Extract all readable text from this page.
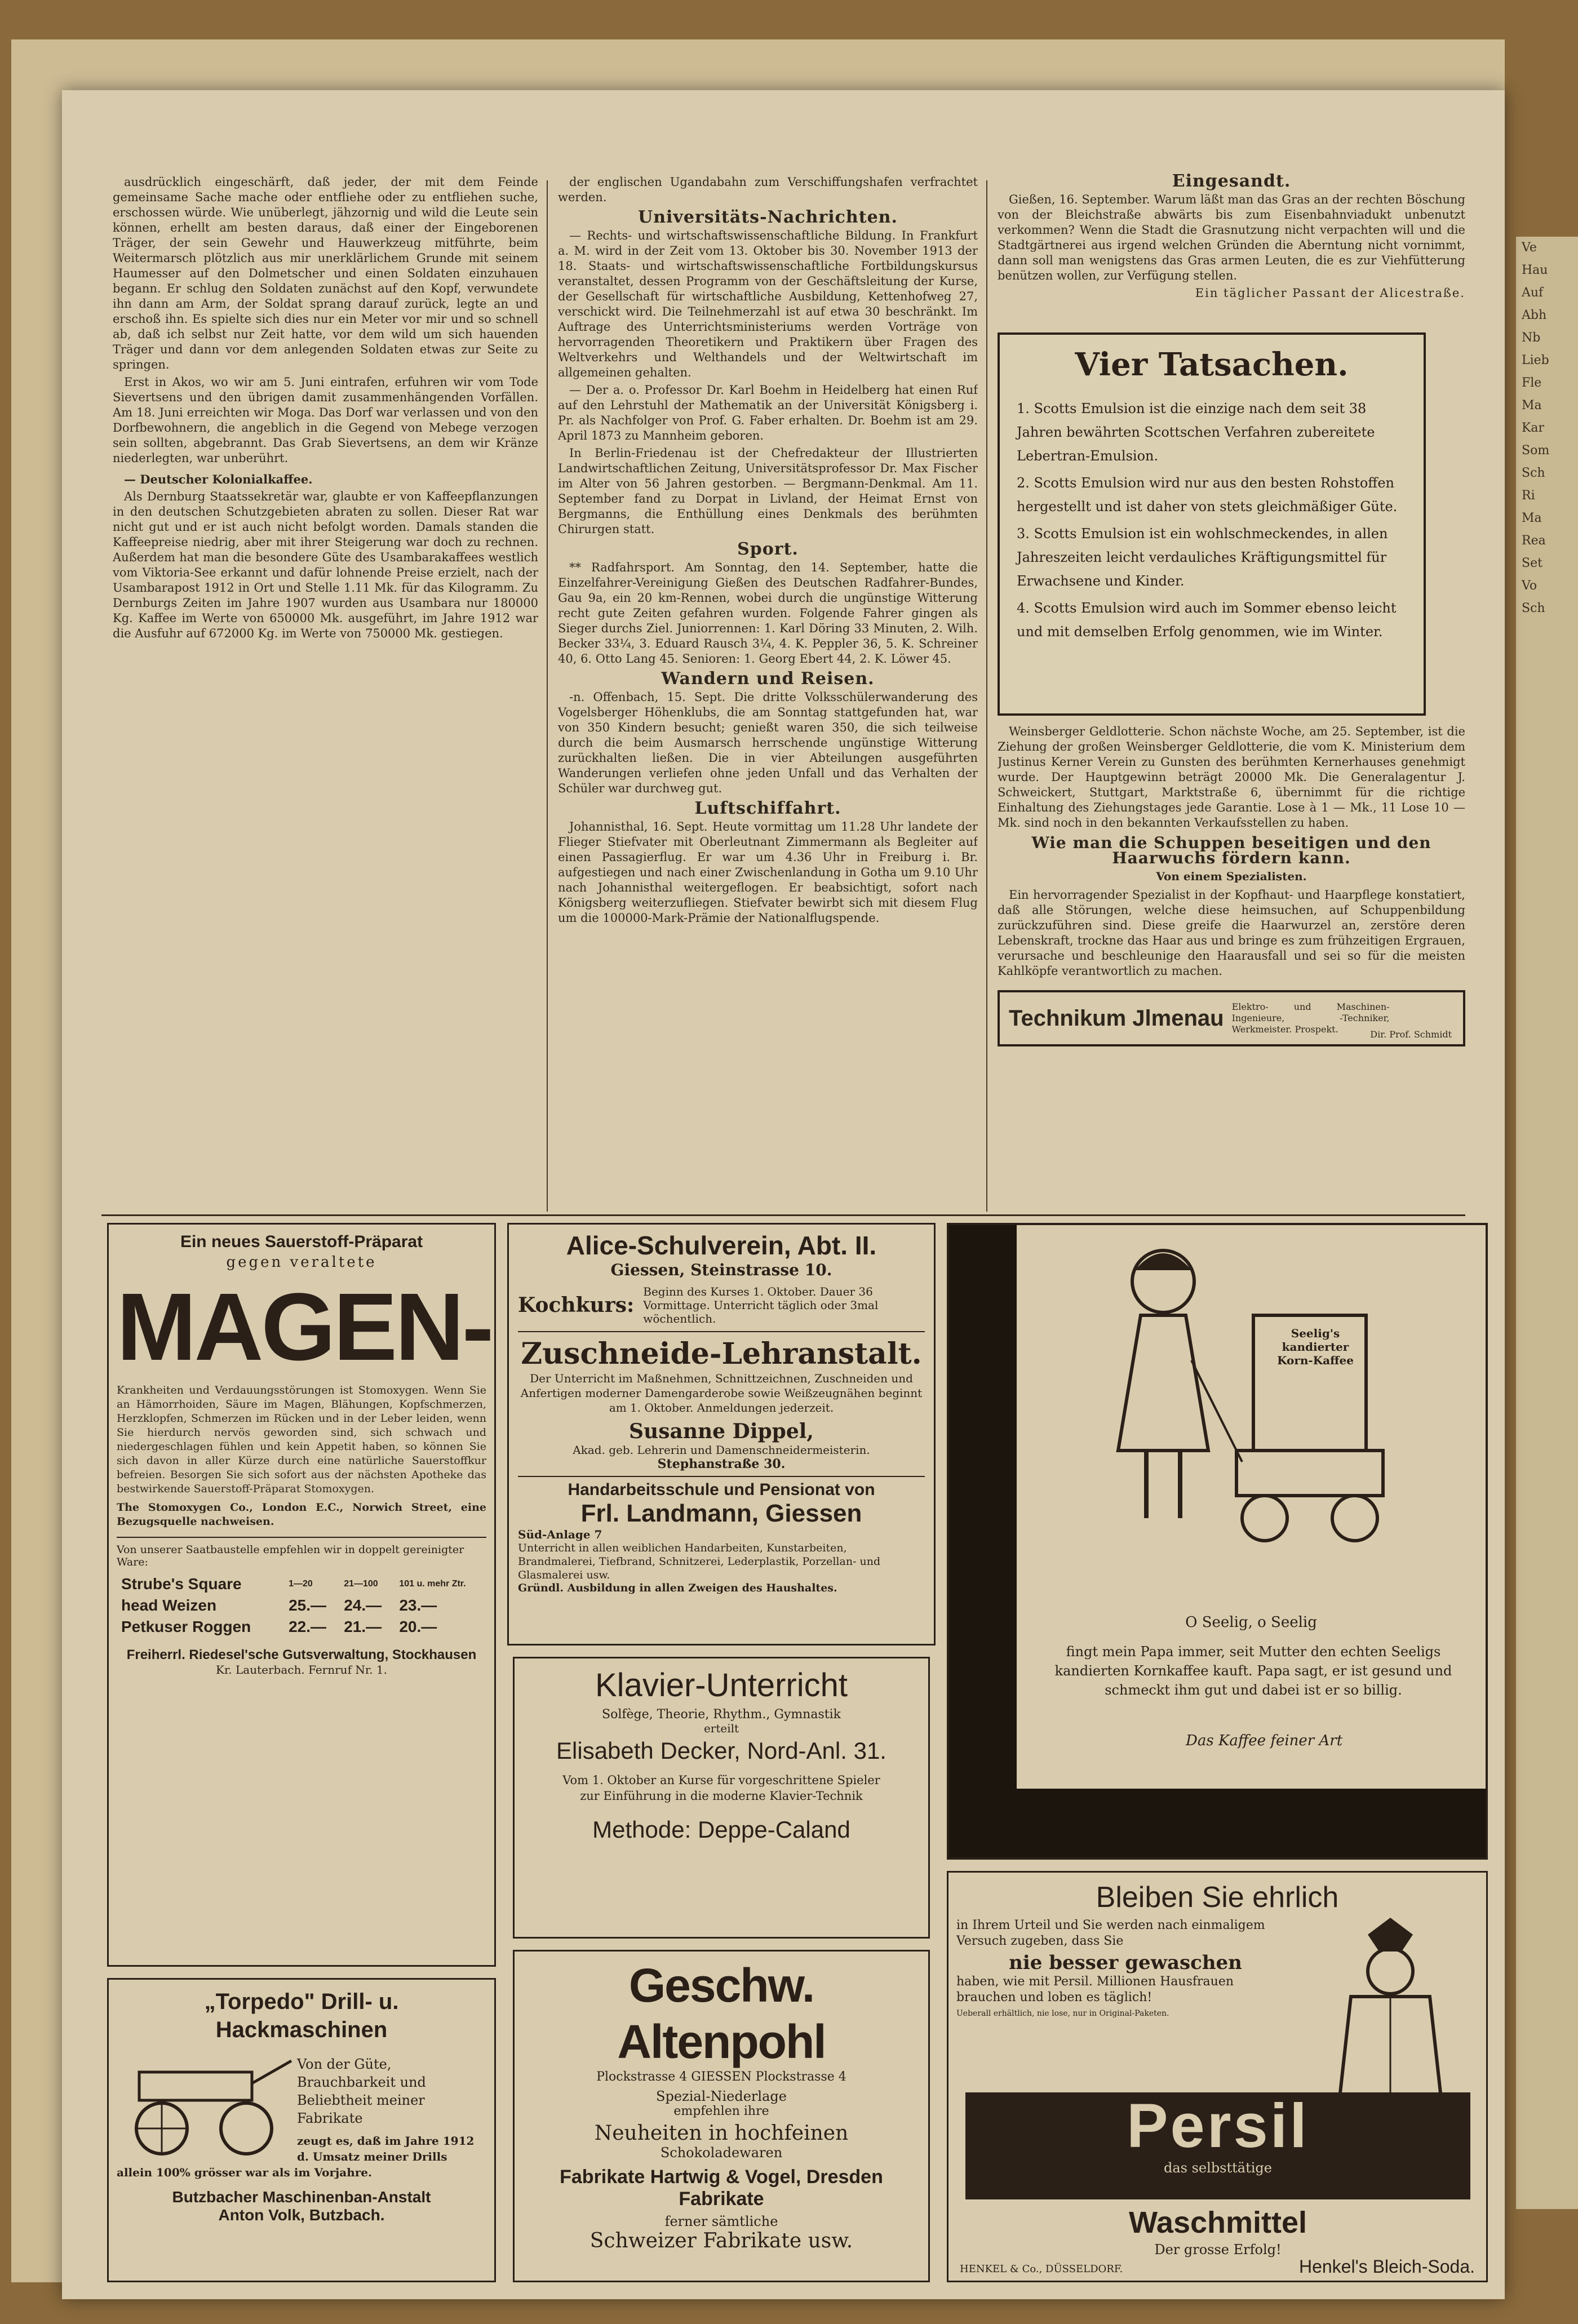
Ve

Hau

Auf

Abh

Nb

Lieb

Fle

Ma

Kar

Som

Sch

Ri

Ma

Rea

Set

Vo

Sch

ausdrücklich eingeschärft, daß jeder, der mit dem Feinde gemeinsame Sache mache oder entfliehe oder zu entfliehen suche, erschossen würde. Wie unüberlegt, jähzornig und wild die Leute sein können, erhellt am besten daraus, daß einer der Eingeborenen Träger, der sein Gewehr und Hauwerkzeug mitführte, beim Weitermarsch plötzlich aus mir unerklärlichem Grunde mit seinem Haumesser auf den Dolmetscher und einen Soldaten einzuhauen begann. Er schlug den Soldaten zunächst auf den Kopf, verwundete ihn dann am Arm, der Soldat sprang darauf zurück, legte an und erschoß ihn. Es spielte sich dies nur ein Meter vor mir und so schnell ab, daß ich selbst nur Zeit hatte, vor dem wild um sich hauenden Träger und dann vor dem anlegenden Soldaten etwas zur Seite zu springen.

Erst in Akos, wo wir am 5. Juni eintrafen, erfuhren wir vom Tode Sievertsens und den übrigen damit zusammenhängenden Vorfällen. Am 18. Juni erreichten wir Moga. Das Dorf war verlassen und von den Dorfbewohnern, die angeblich in die Gegend von Mebege verzogen sein sollten, abgebrannt. Das Grab Sievertsens, an dem wir Kränze niederlegten, war unberührt.

— Deutscher Kolonialkaffee.

Als Dernburg Staatssekretär war, glaubte er von Kaffeepflanzungen in den deutschen Schutzgebieten abraten zu sollen. Dieser Rat war nicht gut und er ist auch nicht befolgt worden. Damals standen die Kaffeepreise niedrig, aber mit ihrer Steigerung war doch zu rechnen. Außerdem hat man die besondere Güte des Usambarakaffees westlich vom Viktoria-See erkannt und dafür lohnende Preise erzielt, nach der Usambarapost 1912 in Ort und Stelle 1.11 Mk. für das Kilogramm. Zu Dernburgs Zeiten im Jahre 1907 wurden aus Usambara nur 180000 Kg. Kaffee im Werte von 650000 Mk. ausgeführt, im Jahre 1912 war die Ausfuhr auf 672000 Kg. im Werte von 750000 Mk. gestiegen.

der englischen Ugandabahn zum Verschiffungshafen verfrachtet werden.

Universitäts-Nachrichten.

— Rechts- und wirtschaftswissenschaftliche Bildung. In Frankfurt a. M. wird in der Zeit vom 13. Oktober bis 30. November 1913 der 18. Staats- und wirtschaftswissenschaftliche Fortbildungskursus veranstaltet, dessen Programm von der Geschäftsleitung der Kurse, der Gesellschaft für wirtschaftliche Ausbildung, Kettenhofweg 27, verschickt wird. Die Teilnehmerzahl ist auf etwa 30 beschränkt. Im Auftrage des Unterrichtsministeriums werden Vorträge von hervorragenden Theoretikern und Praktikern über Fragen des Weltverkehrs und Welthandels und der Weltwirtschaft im allgemeinen gehalten.

— Der a. o. Professor Dr. Karl Boehm in Heidelberg hat einen Ruf auf den Lehrstuhl der Mathematik an der Universität Königsberg i. Pr. als Nachfolger von Prof. G. Faber erhalten. Dr. Boehm ist am 29. April 1873 zu Mannheim geboren.

In Berlin-Friedenau ist der Chefredakteur der Illustrierten Landwirtschaftlichen Zeitung, Universitätsprofessor Dr. Max Fischer im Alter von 56 Jahren gestorben. — Bergmann-Denkmal. Am 11. September fand zu Dorpat in Livland, der Heimat Ernst von Bergmanns, die Enthüllung eines Denkmals des berühmten Chirurgen statt.

Sport.

** Radfahrsport. Am Sonntag, den 14. September, hatte die Einzelfahrer-Vereinigung Gießen des Deutschen Radfahrer-Bundes, Gau 9a, ein 20 km-Rennen, wobei durch die ungünstige Witterung recht gute Zeiten gefahren wurden. Folgende Fahrer gingen als Sieger durchs Ziel. Juniorrennen: 1. Karl Döring 33 Minuten, 2. Wilh. Becker 33¼, 3. Eduard Rausch 3¼, 4. K. Peppler 36, 5. K. Schreiner 40, 6. Otto Lang 45. Senioren: 1. Georg Ebert 44, 2. K. Löwer 45.

Wandern und Reisen.

-n. Offenbach, 15. Sept. Die dritte Volksschülerwanderung des Vogelsberger Höhenklubs, die am Sonntag stattgefunden hat, war von 350 Kindern besucht; genießt waren 350, die sich teilweise durch die beim Ausmarsch herrschende ungünstige Witterung zurückhalten ließen. Die in vier Abteilungen ausgeführten Wanderungen verliefen ohne jeden Unfall und das Verhalten der Schüler war durchweg gut.

Luftschiffahrt.

Johannisthal, 16. Sept. Heute vormittag um 11.28 Uhr landete der Flieger Stiefvater mit Oberleutnant Zimmermann als Begleiter auf einen Passagierflug. Er war um 4.36 Uhr in Freiburg i. Br. aufgestiegen und nach einer Zwischenlandung in Gotha um 9.10 Uhr nach Johannisthal weitergeflogen. Er beabsichtigt, sofort nach Königsberg weiterzufliegen. Stiefvater bewirbt sich mit diesem Flug um die 100000-Mark-Prämie der Nationalflugspende.

Eingesandt.

Gießen, 16. September. Warum läßt man das Gras an der rechten Böschung von der Bleichstraße abwärts bis zum Eisenbahnviadukt unbenutzt verkommen? Wenn die Stadt die Grasnutzung nicht verpachten will und die Stadtgärtnerei aus irgend welchen Gründen die Aberntung nicht vornimmt, dann soll man wenigstens das Gras armen Leuten, die es zur Viehfütterung benützen wollen, zur Verfügung stellen.

Ein täglicher Passant der Alicestraße.

Vier Tatsachen.
1. Scotts Emulsion ist die einzige nach dem seit 38 Jahren bewährten Scottschen Verfahren zubereitete Lebertran-Emulsion.
2. Scotts Emulsion wird nur aus den besten Rohstoffen hergestellt und ist daher von stets gleichmäßiger Güte.
3. Scotts Emulsion ist ein wohlschmeckendes, in allen Jahreszeiten leicht verdauliches Kräftigungsmittel für Erwachsene und Kinder.
4. Scotts Emulsion wird auch im Sommer ebenso leicht und mit demselben Erfolg genommen, wie im Winter.

Weinsberger Geldlotterie. Schon nächste Woche, am 25. September, ist die Ziehung der großen Weinsberger Geldlotterie, die vom K. Ministerium dem Justinus Kerner Verein zu Gunsten des berühmten Kernerhauses genehmigt wurde. Der Hauptgewinn beträgt 20000 Mk. Die Generalagentur J. Schweickert, Stuttgart, Marktstraße 6, übernimmt für die richtige Einhaltung des Ziehungstages jede Garantie. Lose à 1 — Mk., 11 Lose 10 — Mk. sind noch in den bekannten Verkaufsstellen zu haben.

Wie man die Schuppen beseitigen und den Haarwuchs fördern kann.
Von einem Spezialisten.

Ein hervorragender Spezialist in der Kopfhaut- und Haarpflege konstatiert, daß alle Störungen, welche diese heimsuchen, auf Schuppenbildung zurückzuführen sind. Diese greife die Haarwurzel an, zerstöre deren Lebenskraft, trockne das Haar aus und bringe es zum frühzeitigen Ergrauen, verursache und beschleunige den Haarausfall und sei so für die meisten Kahlköpfe verantwortlich zu machen.

Technikum Jlmenau Elektro- und Maschinen-Ingenieure, -Techniker, Werkmeister. Prospekt.	Dir. Prof. Schmidt
Ein neues Sauerstoff-Präparat
gegen veraltete
MAGEN-
Krankheiten und Verdauungsstörungen ist Stomoxygen. Wenn Sie an Hämorrhoiden, Säure im Magen, Blähungen, Kopfschmerzen, Herzklopfen, Schmerzen im Rücken und in der Leber leiden, wenn Sie hierdurch nervös geworden sind, sich schwach und niedergeschlagen fühlen und kein Appetit haben, so können Sie sich davon in aller Kürze durch eine natürliche Sauerstoffkur befreien. Besorgen Sie sich sofort aus der nächsten Apotheke das bestwirkende Sauerstoff-Präparat Stomoxygen.
The Stomoxygen Co., London E.C., Norwich Street, eine Bezugsquelle nachweisen.
Von unserer Saatbaustelle empfehlen wir in doppelt gereinigter Ware:
Strube's Square	1—20	21—100	101 u. mehr Ztr.
head Weizen	25.—	24.—	23.—
Petkuser Roggen	22.—	21.—	20.—
Freiherrl. Riedesel'sche Gutsverwaltung, Stockhausen
Kr. Lauterbach. Fernruf Nr. 1.
„Torpedo" Drill- u. Hackmaschinen
Von der Güte, Brauchbarkeit und Beliebtheit meiner Fabrikate
zeugt es, daß im Jahre 1912 d. Umsatz meiner Drills allein 100% grösser war als im Vorjahre.
Butzbacher Maschinenban-Anstalt
Anton Volk, Butzbach.
Alice-Schulverein, Abt. II.
Giessen, Steinstrasse 10.
Kochkurs:
Beginn des Kurses 1. Oktober. Dauer 36 Vormittage. Unterricht täglich oder 3mal wöchentlich.
Zuschneide-Lehranstalt.
Der Unterricht im Maßnehmen, Schnittzeichnen, Zuschneiden und Anfertigen moderner Damengarderobe sowie Weißzeugnähen beginnt am 1. Oktober. Anmeldungen jederzeit.
Susanne Dippel,
Akad. geb. Lehrerin und Damenschneidermeisterin.
Stephanstraße 30.
Handarbeitsschule und Pensionat von
Frl. Landmann, Giessen
Süd-Anlage 7
Unterricht in allen weiblichen Handarbeiten, Kunstarbeiten, Brandmalerei, Tiefbrand, Schnitzerei, Lederplastik, Porzellan- und Glasmalerei usw.
Gründl. Ausbildung in allen Zweigen des Haushaltes.
Klavier-Unterricht
Solfège, Theorie, Rhythm., Gymnastik
erteilt
Elisabeth Decker, Nord-Anl. 31.
Vom 1. Oktober an Kurse für vorgeschrittene Spieler zur Einführung in die moderne Klavier-Technik
Methode: Deppe-Caland
Geschw. Altenpohl
Plockstrasse 4 GIESSEN Plockstrasse 4
Spezial-Niederlage
empfehlen ihre
Neuheiten in hochfeinen
Schokoladewaren
Fabrikate Hartwig & Vogel, Dresden Fabrikate
ferner sämtliche
Schweizer Fabrikate usw.
Seelig's kandierter Korn-Kaffee
O Seelig, o Seelig
fingt mein Papa immer, seit Mutter den echten Seeligs kandierten Kornkaffee kauft. Papa sagt, er ist gesund und schmeckt ihm gut und dabei ist er so billig.
Das Kaffee feiner Art
Bleiben Sie ehrlich
in Ihrem Urteil und Sie werden nach einmaligem Versuch zugeben, dass Sie
nie besser gewaschen
haben, wie mit Persil. Millionen Hausfrauen brauchen und loben es täglich!
Ueberall erhältlich, nie lose, nur in Original-Paketen.
Persil
das selbsttätige
Waschmittel
Der grosse Erfolg!
HENKEL & Co., DÜSSELDORF.	Henkel's Bleich-Soda.
